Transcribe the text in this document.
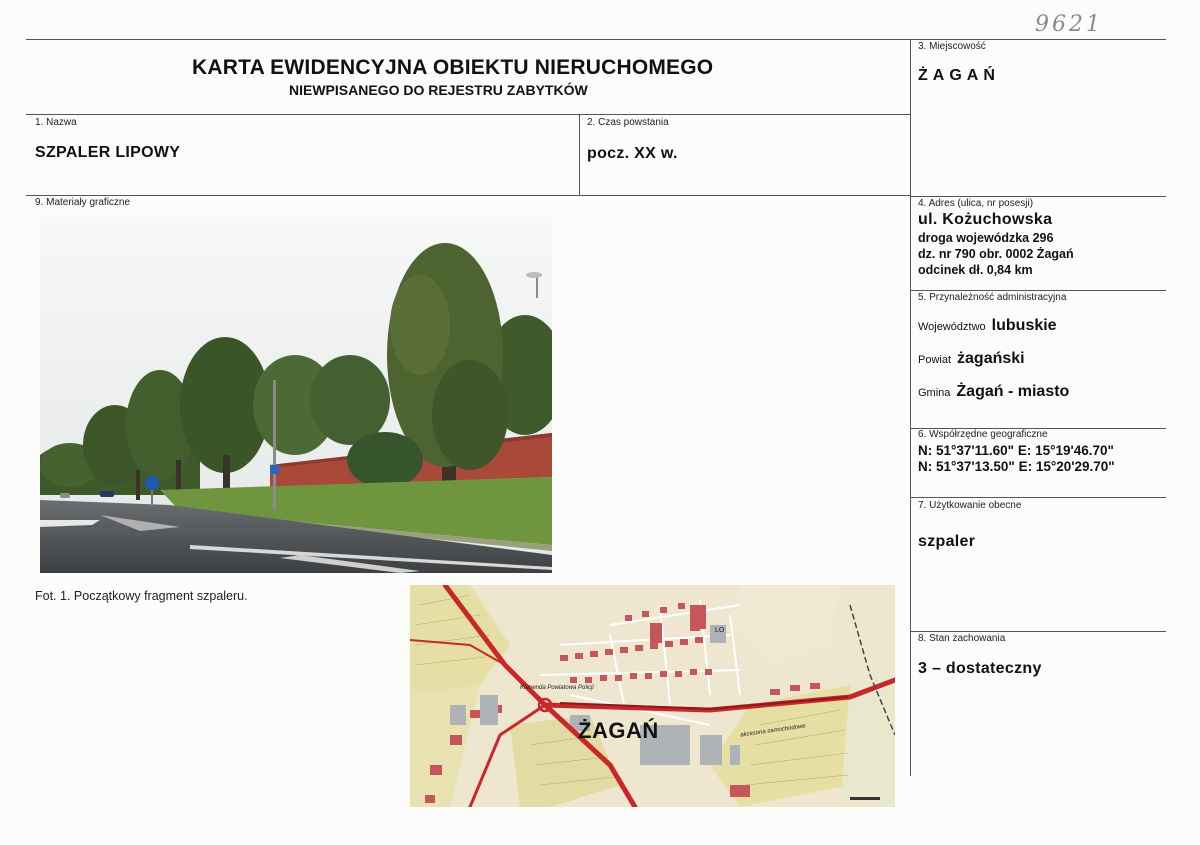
9621
KARTA EWIDENCYJNA OBIEKTU NIERUCHOMEGO
NIEWPISANEGO DO REJESTRU ZABYTKÓW
3. Miejscowość
ŻAGAŃ
1. Nazwa
SZPALER LIPOWY
2. Czas powstania
pocz. XX w.
9. Materiały graficzne
Fot. 1. Początkowy fragment szpaleru.
ŻAGAŃ
Komenda Powiatowa Policji
akcesoria samochodowe
LO
4. Adres (ulica, nr posesji)
ul. Kożuchowska
droga wojewódzka 296
dz. nr 790 obr. 0002 Żagań
odcinek dł. 0,84 km
5. Przynależność administracyjna
Województwo lubuskie
Powiat żagański
Gmina Żagań - miasto
6. Współrzędne geograficzne
N: 51°37'11.60" E: 15°19'46.70"
N: 51°37'13.50" E: 15°20'29.70"
7. Użytkowanie obecne
szpaler
8. Stan zachowania
3 – dostateczny
